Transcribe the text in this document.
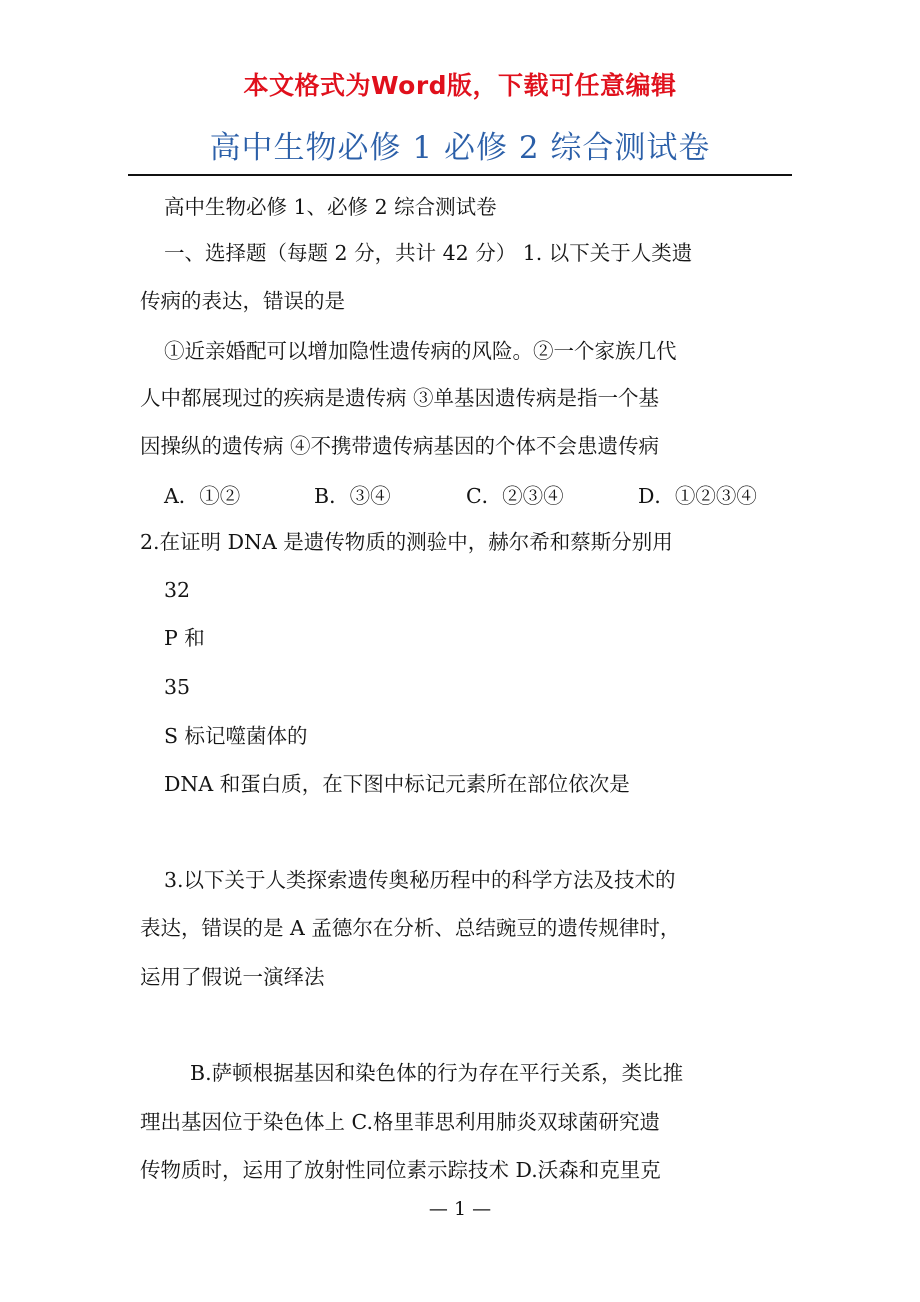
本文格式为Word版，下载可任意编辑
高中生物必修 1 必修 2 综合测试卷
高中生物必修 1、必修 2 综合测试卷
一、选择题（每题 2 分，共计 42 分） 1. 以下关于人类遗
传病的表达，错误的是
①近亲婚配可以增加隐性遗传病的风险。②一个家族几代
人中都展现过的疾病是遗传病 ③单基因遗传病是指一个基
因操纵的遗传病 ④不携带遗传病基因的个体不会患遗传病
A．①②	B．③④	C．②③④	D．①②③④
2.在证明 DNA 是遗传物质的测验中，赫尔希和蔡斯分别用
32
P 和
35
S 标记噬菌体的
DNA 和蛋白质，在下图中标记元素所在部位依次是
3.以下关于人类探索遗传奥秘历程中的科学方法及技术的
表达，错误的是 A 孟德尔在分析、总结豌豆的遗传规律时，
运用了假说一演绎法
B.萨顿根据基因和染色体的行为存在平行关系，类比推
理出基因位于染色体上 C.格里菲思利用肺炎双球菌研究遗
传物质时，运用了放射性同位素示踪技术 D.沃森和克里克
— 1 —
